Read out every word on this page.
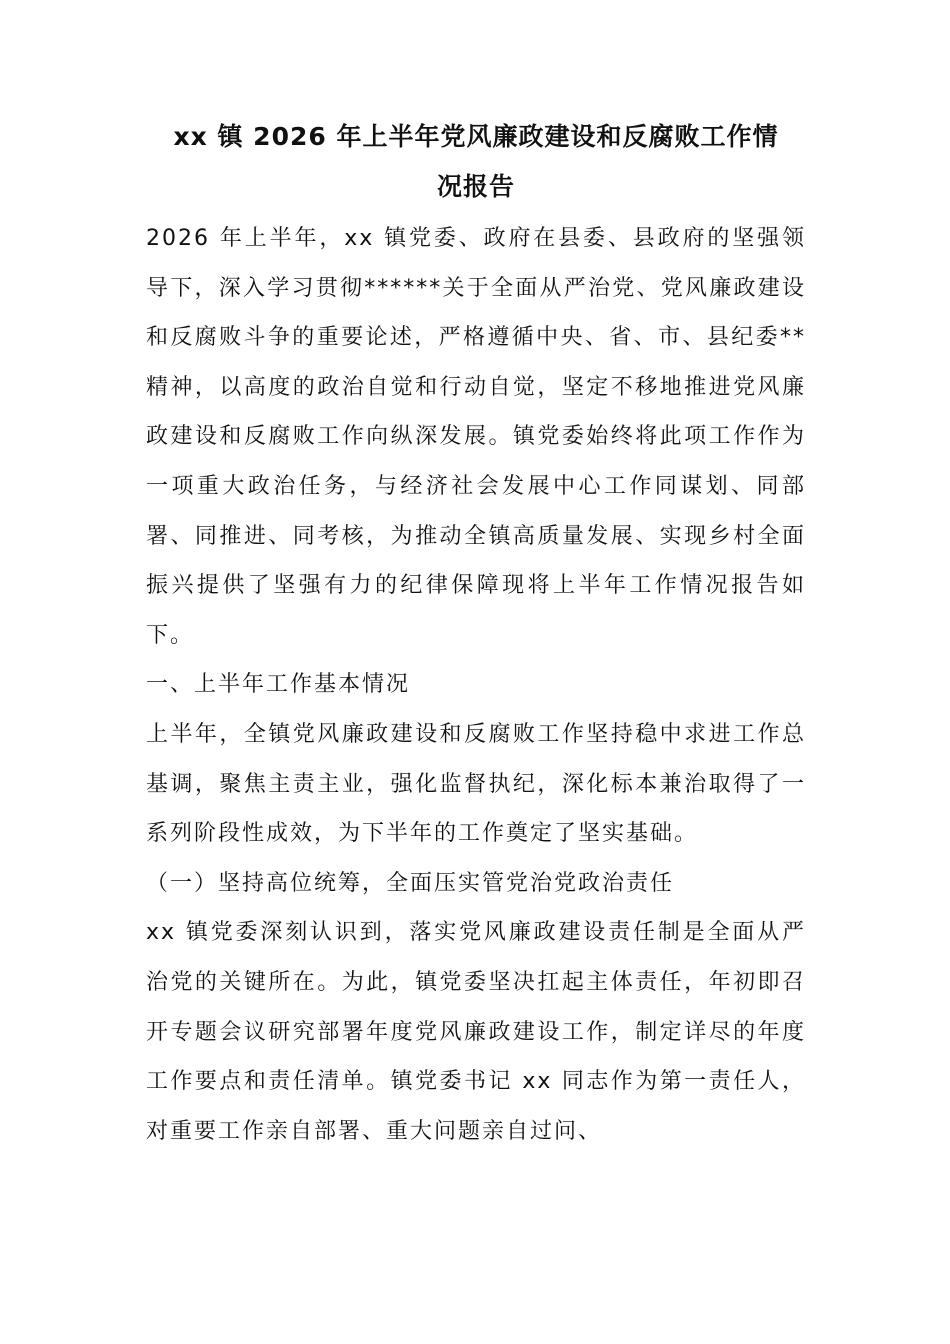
xx 镇 2026 年上半年党风廉政建设和反腐败工作情
况报告

2026 年上半年，xx 镇党委、政府在县委、县政府的坚强领导下，深入学习贯彻******关于全面从严治党、党风廉政建设和反腐败斗争的重要论述，严格遵循中央、省、市、县纪委**精神，以高度的政治自觉和行动自觉，坚定不移地推进党风廉政建设和反腐败工作向纵深发展。镇党委始终将此项工作作为一项重大政治任务，与经济社会发展中心工作同谋划、同部署、同推进、同考核，为推动全镇高质量发展、实现乡村全面振兴提供了坚强有力的纪律保障现将上半年工作情况报告如下。

一、上半年工作基本情况

上半年，全镇党风廉政建设和反腐败工作坚持稳中求进工作总基调，聚焦主责主业，强化监督执纪，深化标本兼治取得了一系列阶段性成效，为下半年的工作奠定了坚实基础。

（一）坚持高位统筹，全面压实管党治党政治责任

xx 镇党委深刻认识到，落实党风廉政建设责任制是全面从严治党的关键所在。为此，镇党委坚决扛起主体责任，年初即召开专题会议研究部署年度党风廉政建设工作，制定详尽的年度工作要点和责任清单。镇党委书记 xx 同志作为第一责任人，对重要工作亲自部署、重大问题亲自过问、
